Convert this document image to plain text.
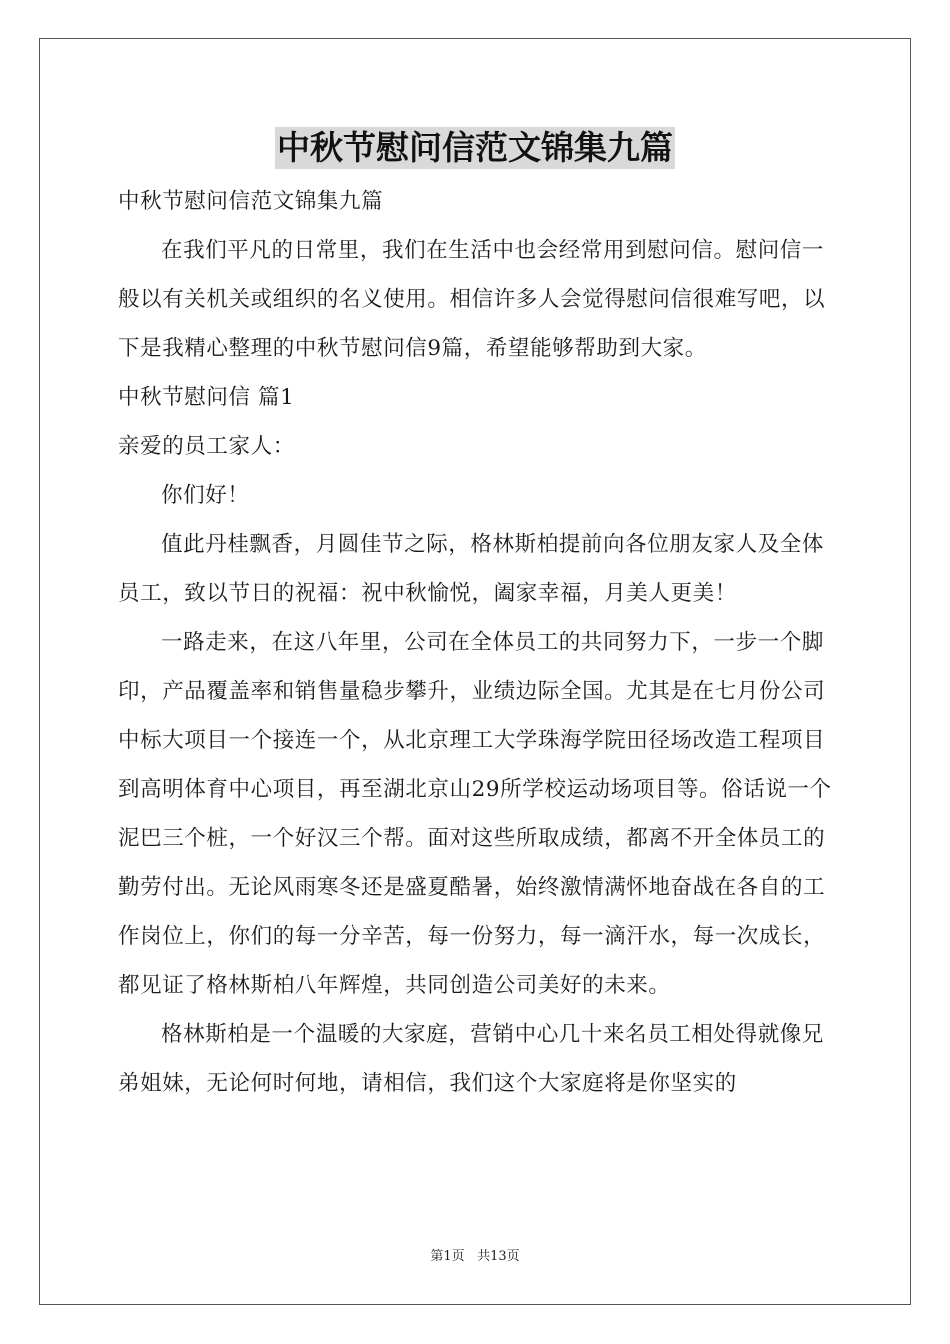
中秋节慰问信范文锦集九篇

中秋节慰问信范文锦集九篇

在我们平凡的日常里，我们在生活中也会经常用到慰问信。慰问信一般以有关机关或组织的名义使用。相信许多人会觉得慰问信很难写吧，以下是我精心整理的中秋节慰问信9篇，希望能够帮助到大家。

中秋节慰问信 篇1

亲爱的员工家人：

你们好！

值此丹桂飘香，月圆佳节之际，格林斯柏提前向各位朋友家人及全体员工，致以节日的祝福：祝中秋愉悦，阖家幸福，月美人更美！

一路走来，在这八年里，公司在全体员工的共同努力下，一步一个脚印，产品覆盖率和销售量稳步攀升，业绩边际全国。尤其是在七月份公司中标大项目一个接连一个，从北京理工大学珠海学院田径场改造工程项目到高明体育中心项目，再至湖北京山29所学校运动场项目等。俗话说一个泥巴三个桩，一个好汉三个帮。面对这些所取成绩，都离不开全体员工的勤劳付出。无论风雨寒冬还是盛夏酷暑，始终激情满怀地奋战在各自的工作岗位上，你们的每一分辛苦，每一份努力，每一滴汗水，每一次成长，都见证了格林斯柏八年辉煌，共同创造公司美好的未来。

格林斯柏是一个温暖的大家庭，营销中心几十来名员工相处得就像兄弟姐妹，无论何时何地，请相信，我们这个大家庭将是你坚实的

第1页 共13页
